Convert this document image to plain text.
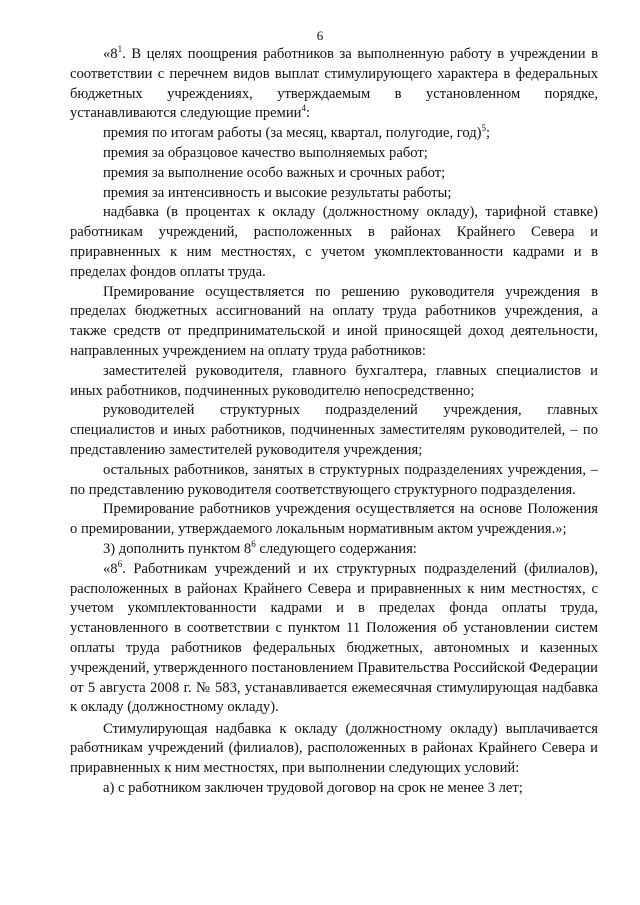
6

«$8^1$. В целях поощрения работников за выполненную работу в учреждении в соответствии с перечнем видов выплат стимулирующего характера в федеральных бюджетных учреждениях, утверждаемым в установленном порядке, устанавливаются следующие премии$^4$:

премия по итогам работы (за месяц, квартал, полугодие, год)$^5$;

премия за образцовое качество выполняемых работ;

премия за выполнение особо важных и срочных работ;

премия за интенсивность и высокие результаты работы;

надбавка (в процентах к окладу (должностному окладу), тарифной ставке) работникам учреждений, расположенных в районах Крайнего Севера и приравненных к ним местностях, с учетом укомплектованности кадрами и в пределах фондов оплаты труда.

Премирование осуществляется по решению руководителя учреждения в пределах бюджетных ассигнований на оплату труда работников учреждения, а также средств от предпринимательской и иной приносящей доход деятельности, направленных учреждением на оплату труда работников:

заместителей руководителя, главного бухгалтера, главных специалистов и иных работников, подчиненных руководителю непосредственно;

руководителей структурных подразделений учреждения, главных специалистов и иных работников, подчиненных заместителям руководителей, – по представлению заместителей руководителя учреждения;

остальных работников, занятых в структурных подразделениях учреждения, – по представлению руководителя соответствующего структурного подразделения.

Премирование работников учреждения осуществляется на основе Положения о премировании, утверждаемого локальным нормативным актом учреждения.»;

3) дополнить пунктом $8^6$ следующего содержания:

«$8^6$. Работникам учреждений и их структурных подразделений (филиалов), расположенных в районах Крайнего Севера и приравненных к ним местностях, с учетом укомплектованности кадрами и в пределах фонда оплаты труда, установленного в соответствии с пунктом 11 Положения об установлении систем оплаты труда работников федеральных бюджетных, автономных и казенных учреждений, утвержденного постановлением Правительства Российской Федерации от 5 августа 2008 г. № 583, устанавливается ежемесячная стимулирующая надбавка к окладу (должностному окладу).

Стимулирующая надбавка к окладу (должностному окладу) выплачивается работникам учреждений (филиалов), расположенных в районах Крайнего Севера и приравненных к ним местностях, при выполнении следующих условий:

а) с работником заключен трудовой договор на срок не менее 3 лет;
